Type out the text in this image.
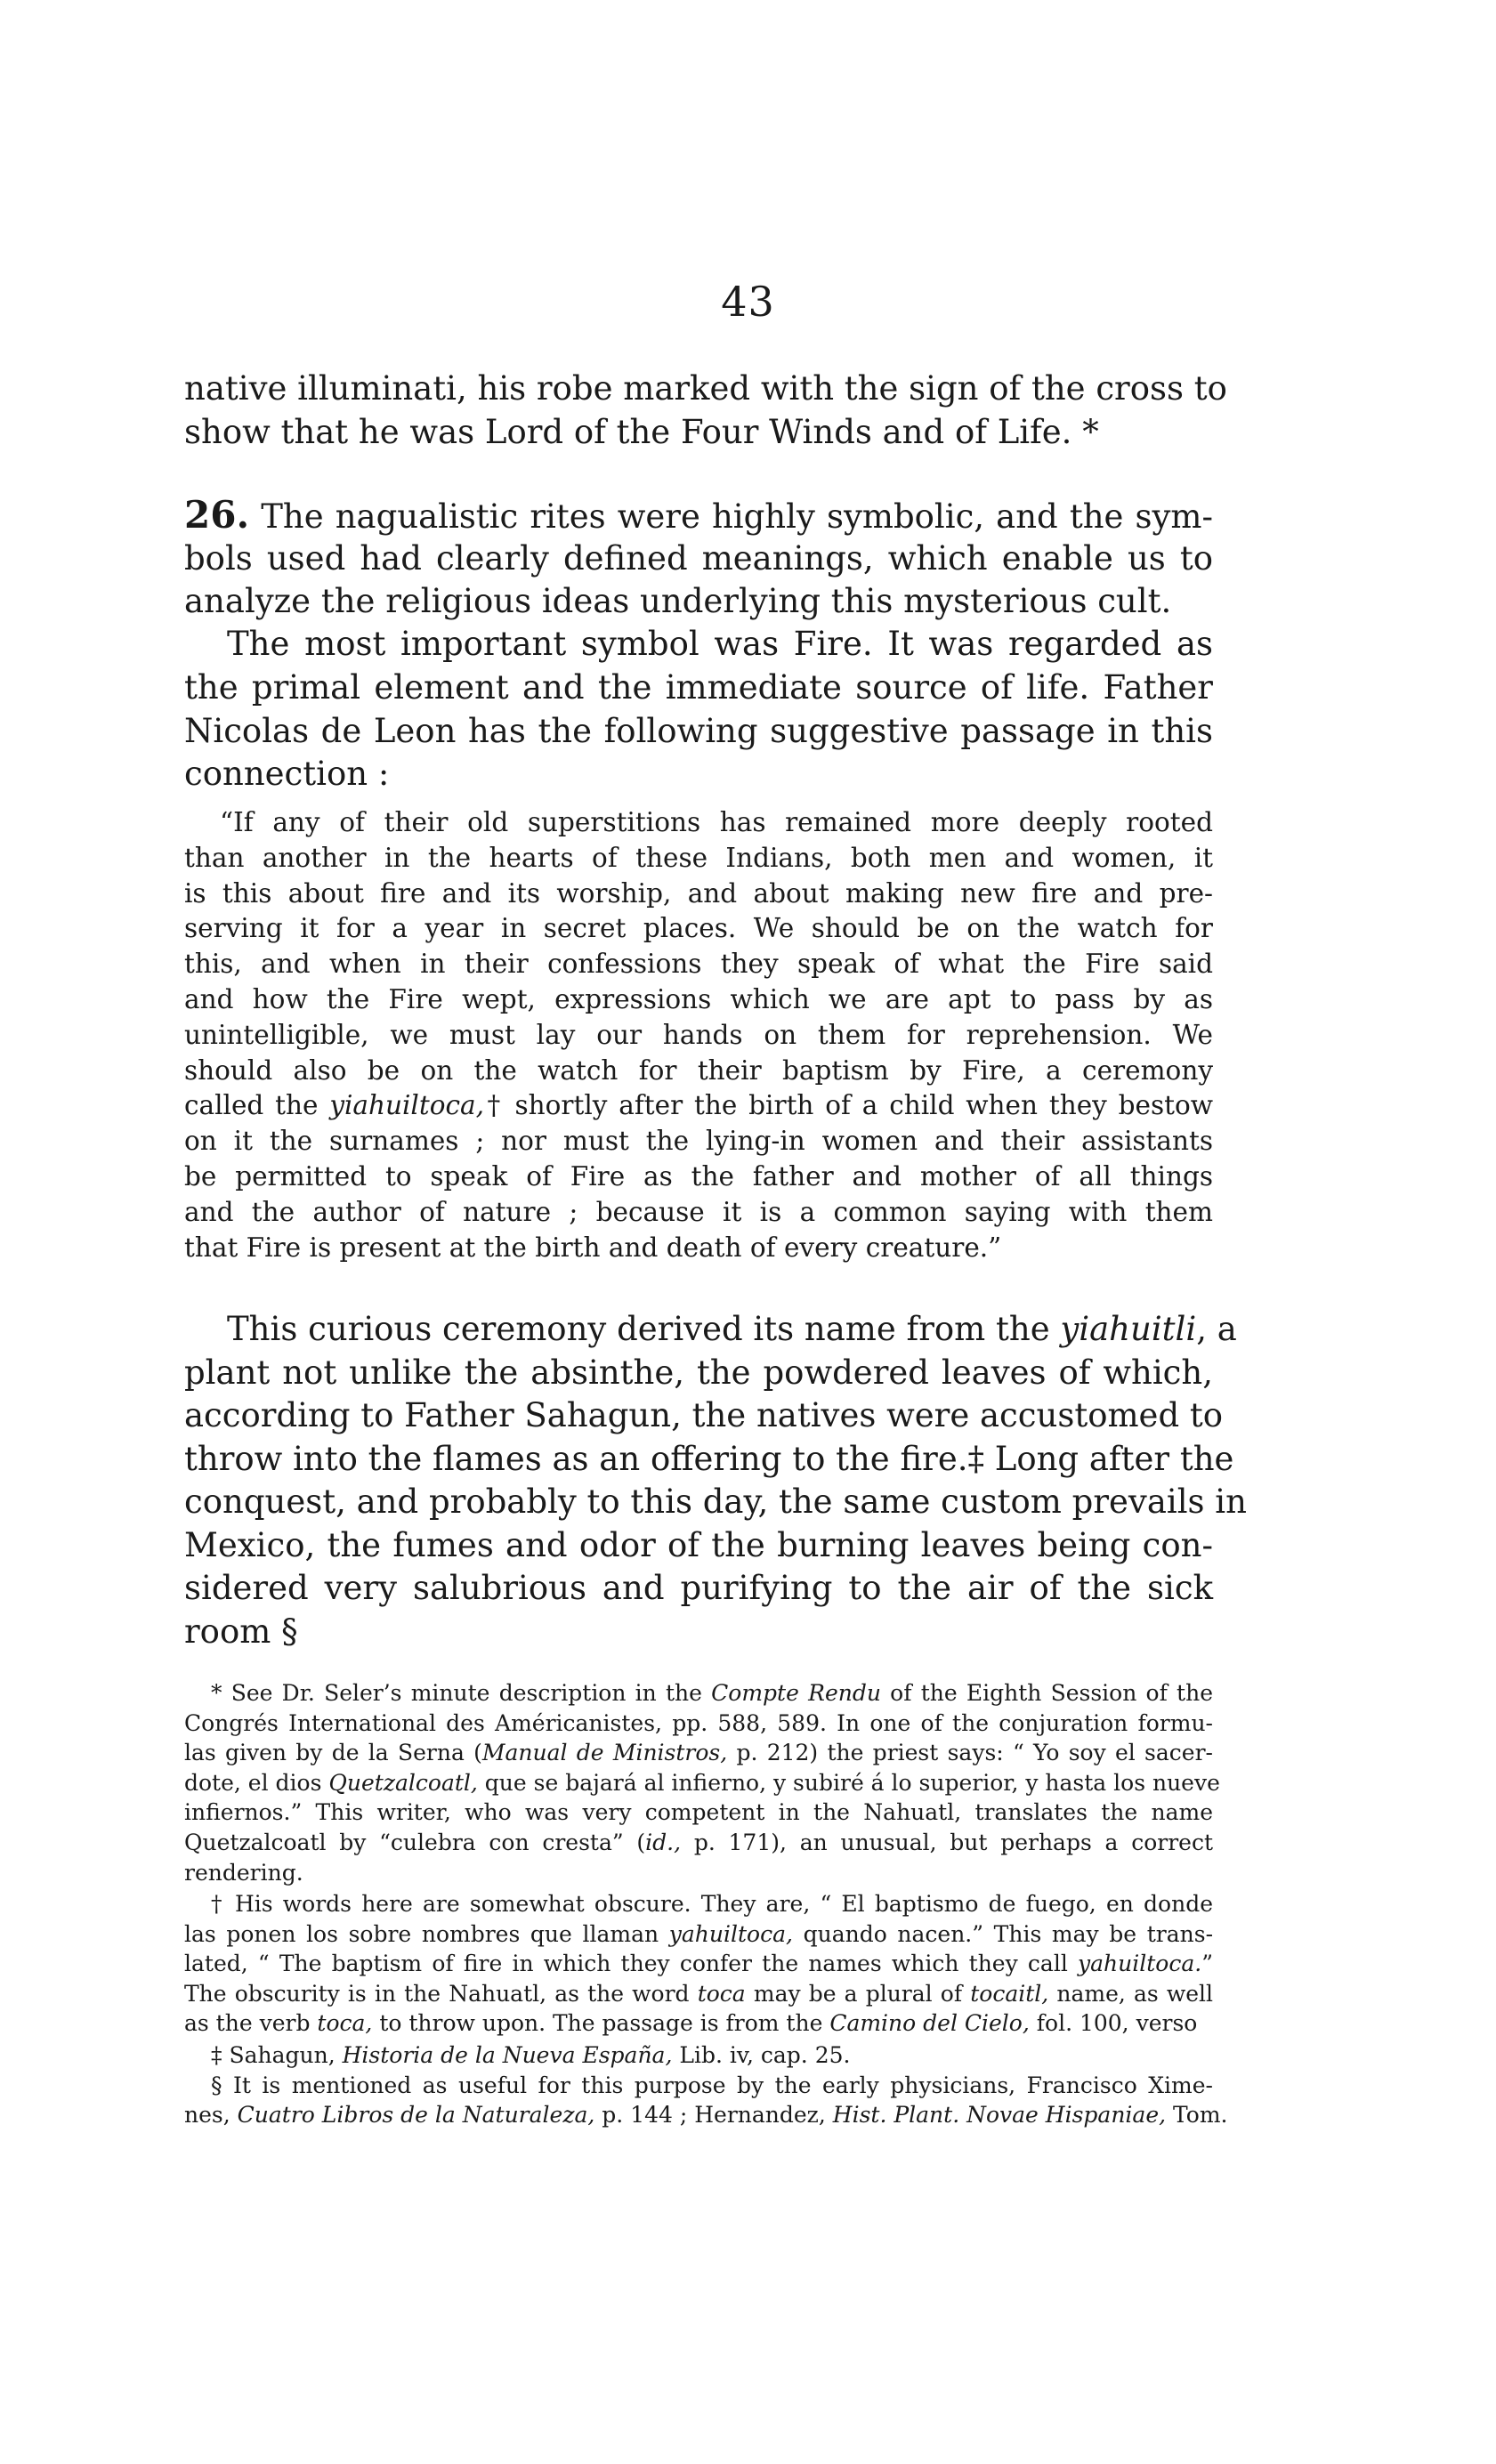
43
native illuminati, his robe marked with the sign of the cross to
show that he was Lord of the Four Winds and of Life. *
26. The nagualistic rites were highly symbolic, and the sym-
bols used had clearly defined meanings, which enable us to
analyze the religious ideas underlying this mysterious cult.
The most important symbol was Fire. It was regarded as
the primal element and the immediate source of life. Father
Nicolas de Leon has the following suggestive passage in this
connection :
“If any of their old superstitions has remained more deeply rooted
than another in the hearts of these Indians, both men and women, it
is this about fire and its worship, and about making new fire and pre-
serving it for a year in secret places. We should be on the watch for
this, and when in their confessions they speak of what the Fire said
and how the Fire wept, expressions which we are apt to pass by as
unintelligible, we must lay our hands on them for reprehension. We
should also be on the watch for their baptism by Fire, a ceremony
called the yiahuiltoca,† shortly after the birth of a child when they bestow
on it the surnames ; nor must the lying-in women and their assistants
be permitted to speak of Fire as the father and mother of all things
and the author of nature ; because it is a common saying with them
that Fire is present at the birth and death of every creature.”
This curious ceremony derived its name from the yiahuitli, a
plant not unlike the absinthe, the powdered leaves of which,
according to Father Sahagun, the natives were accustomed to
throw into the flames as an offering to the fire.‡ Long after the
conquest, and probably to this day, the same custom prevails in
Mexico, the fumes and odor of the burning leaves being con-
sidered very salubrious and purifying to the air of the sick
room §
* See Dr. Seler’s minute description in the Compte Rendu of the Eighth Session of the
Congrés International des Américanistes, pp. 588, 589. In one of the conjuration formu-
las given by de la Serna (Manual de Ministros, p. 212) the priest says: “ Yo soy el sacer-
dote, el dios Quetzalcoatl, que se bajará al infierno, y subiré á lo superior, y hasta los nueve
infiernos.” This writer, who was very competent in the Nahuatl, translates the name
Quetzalcoatl by “culebra con cresta” (id., p. 171), an unusual, but perhaps a correct
rendering.
† His words here are somewhat obscure. They are, “ El baptismo de fuego, en donde
las ponen los sobre nombres que llaman yahuiltoca, quando nacen.” This may be trans-
lated, “ The baptism of fire in which they confer the names which they call yahuiltoca.”
The obscurity is in the Nahuatl, as the word toca may be a plural of tocaitl, name, as well
as the verb toca, to throw upon. The passage is from the Camino del Cielo, fol. 100, verso
‡ Sahagun, Historia de la Nueva España, Lib. iv, cap. 25.
§ It is mentioned as useful for this purpose by the early physicians, Francisco Xime-
nes, Cuatro Libros de la Naturaleza, p. 144 ; Hernandez, Hist. Plant. Novae Hispaniae, Tom.
